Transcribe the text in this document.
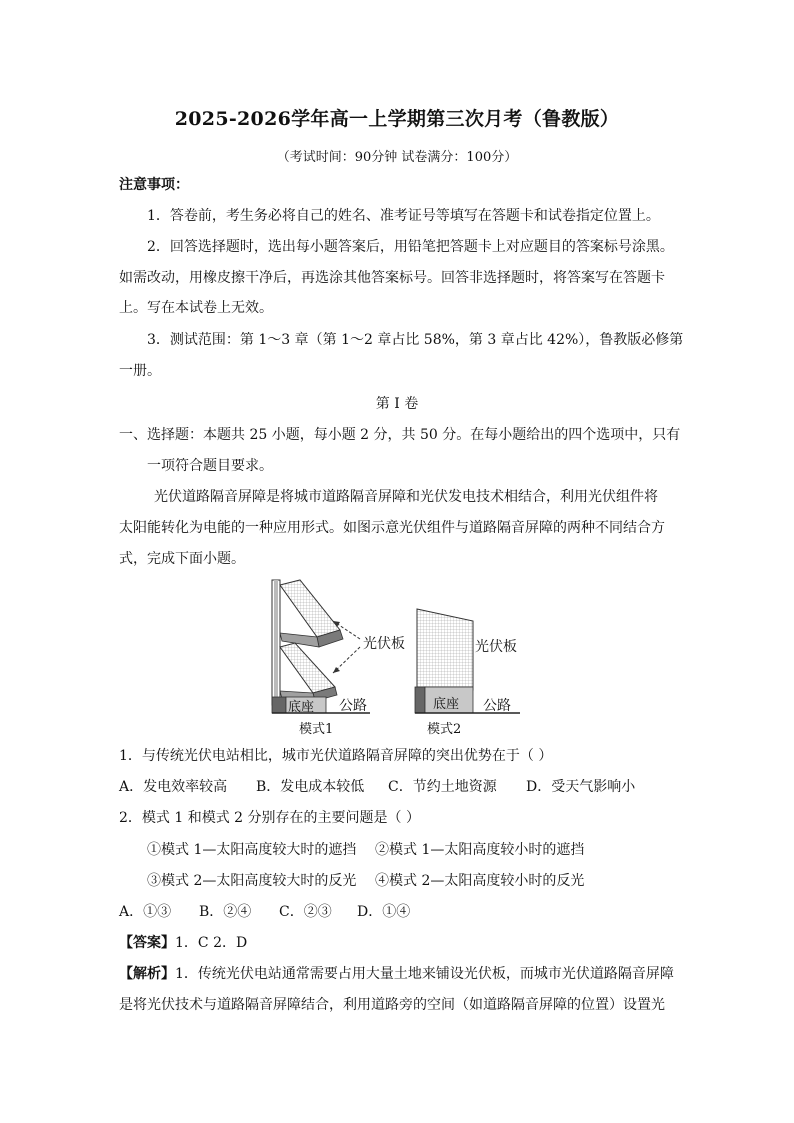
2025-2026学年高一上学期第三次月考（鲁教版）
（考试时间：90分钟 试卷满分：100分）
注意事项：
1．答卷前，考生务必将自己的姓名、准考证号等填写在答题卡和试卷指定位置上。
2．回答选择题时，选出每小题答案后，用铅笔把答题卡上对应题目的答案标号涂黑。
如需改动，用橡皮擦干净后，再选涂其他答案标号。回答非选择题时，将答案写在答题卡
上。写在本试卷上无效。
3．测试范围：第 1～3 章（第 1～2 章占比 58%，第 3 章占比 42%），鲁教版必修第
一册。
第 I 卷
一、选择题：本题共 25 小题，每小题 2 分，共 50 分。在每小题给出的四个选项中，只有
一项符合题目要求。
光伏道路隔音屏障是将城市道路隔音屏障和光伏发电技术相结合，利用光伏组件将
太阳能转化为电能的一种应用形式。如图示意光伏组件与道路隔音屏障的两种不同结合方
式，完成下面小题。
光伏板
底座 公路
模式1
光伏板
底座 公路
模式2
1．与传统光伏电站相比，城市光伏道路隔音屏障的突出优势在于（ ）
A．发电效率较高 B．发电成本较低 C．节约土地资源 D．受天气影响小
2．模式 1 和模式 2 分别存在的主要问题是（ ）
①模式 1—太阳高度较大时的遮挡 ②模式 1—太阳高度较小时的遮挡
③模式 2—太阳高度较大时的反光 ④模式 2—太阳高度较小时的反光
A．①③ B．②④ C．②③ D．①④
【答案】1．C 2．D
【解析】1．传统光伏电站通常需要占用大量土地来铺设光伏板，而城市光伏道路隔音屏障
是将光伏技术与道路隔音屏障结合，利用道路旁的空间（如道路隔音屏障的位置）设置光
